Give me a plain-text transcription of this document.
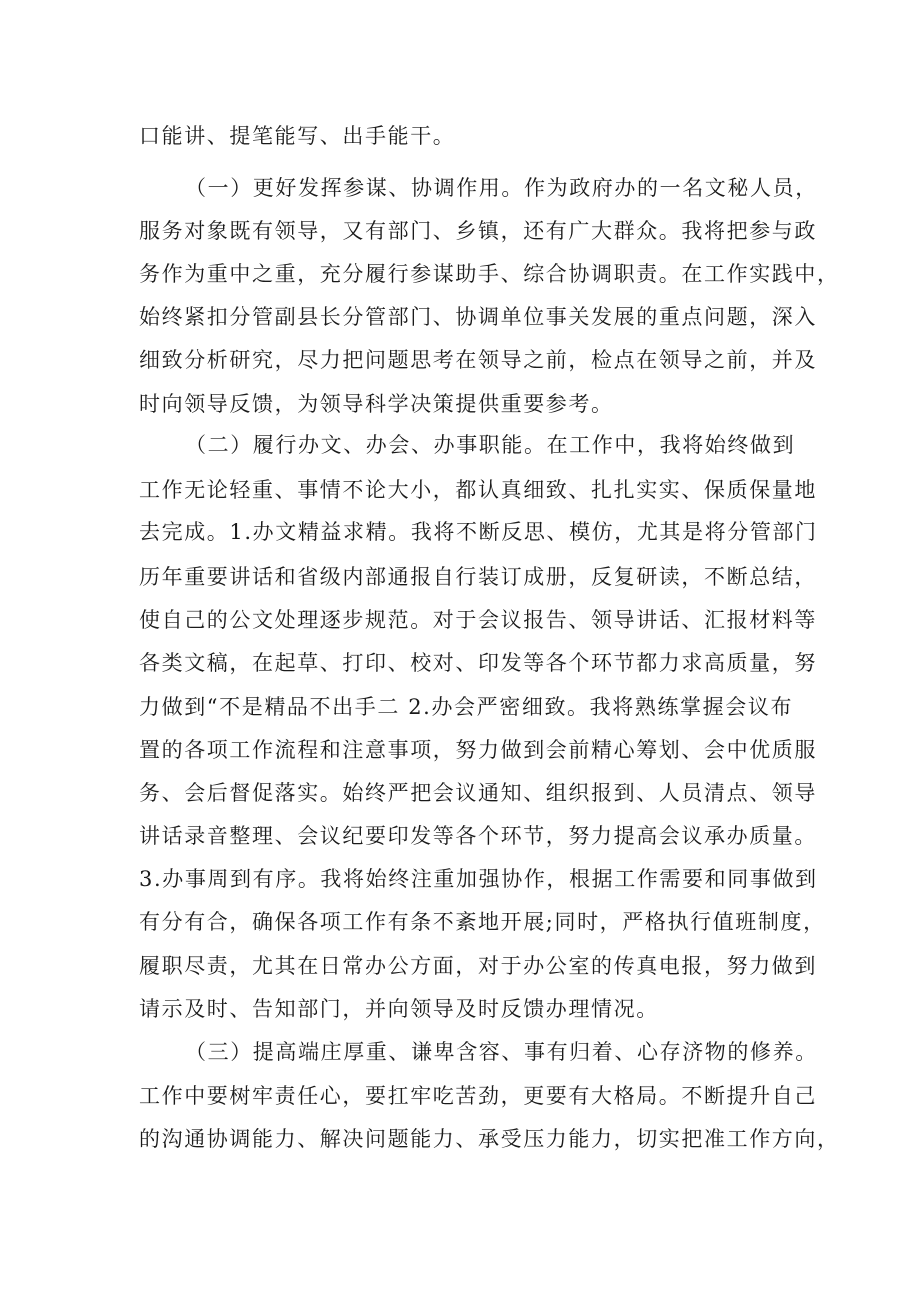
口能讲、提笔能写、出手能干。
（一）更好发挥参谋、协调作用。作为政府办的一名文秘人员，
服务对象既有领导，又有部门、乡镇，还有广大群众。我将把参与政
务作为重中之重，充分履行参谋助手、综合协调职责。在工作实践中，
始终紧扣分管副县长分管部门、协调单位事关发展的重点问题，深入
细致分析研究，尽力把问题思考在领导之前，检点在领导之前，并及
时向领导反馈，为领导科学决策提供重要参考。
（二）履行办文、办会、办事职能。在工作中，我将始终做到
工作无论轻重、事情不论大小，都认真细致、扎扎实实、保质保量地
去完成。1.办文精益求精。我将不断反思、模仿，尤其是将分管部门
历年重要讲话和省级内部通报自行装订成册，反复研读，不断总结，
使自己的公文处理逐步规范。对于会议报告、领导讲话、汇报材料等
各类文稿，在起草、打印、校对、印发等各个环节都力求高质量，努
力做到“不是精品不出手二 2.办会严密细致。我将熟练掌握会议布
置的各项工作流程和注意事项，努力做到会前精心筹划、会中优质服
务、会后督促落实。始终严把会议通知、组织报到、人员清点、领导
讲话录音整理、会议纪要印发等各个环节，努力提高会议承办质量。
3.办事周到有序。我将始终注重加强协作，根据工作需要和同事做到
有分有合，确保各项工作有条不紊地开展;同时，严格执行值班制度，
履职尽责，尤其在日常办公方面，对于办公室的传真电报，努力做到
请示及时、告知部门，并向领导及时反馈办理情况。
（三）提高端庄厚重、谦卑含容、事有归着、心存济物的修养。
工作中要树牢责任心，要扛牢吃苦劲，更要有大格局。不断提升自己
的沟通协调能力、解决问题能力、承受压力能力，切实把准工作方向，
